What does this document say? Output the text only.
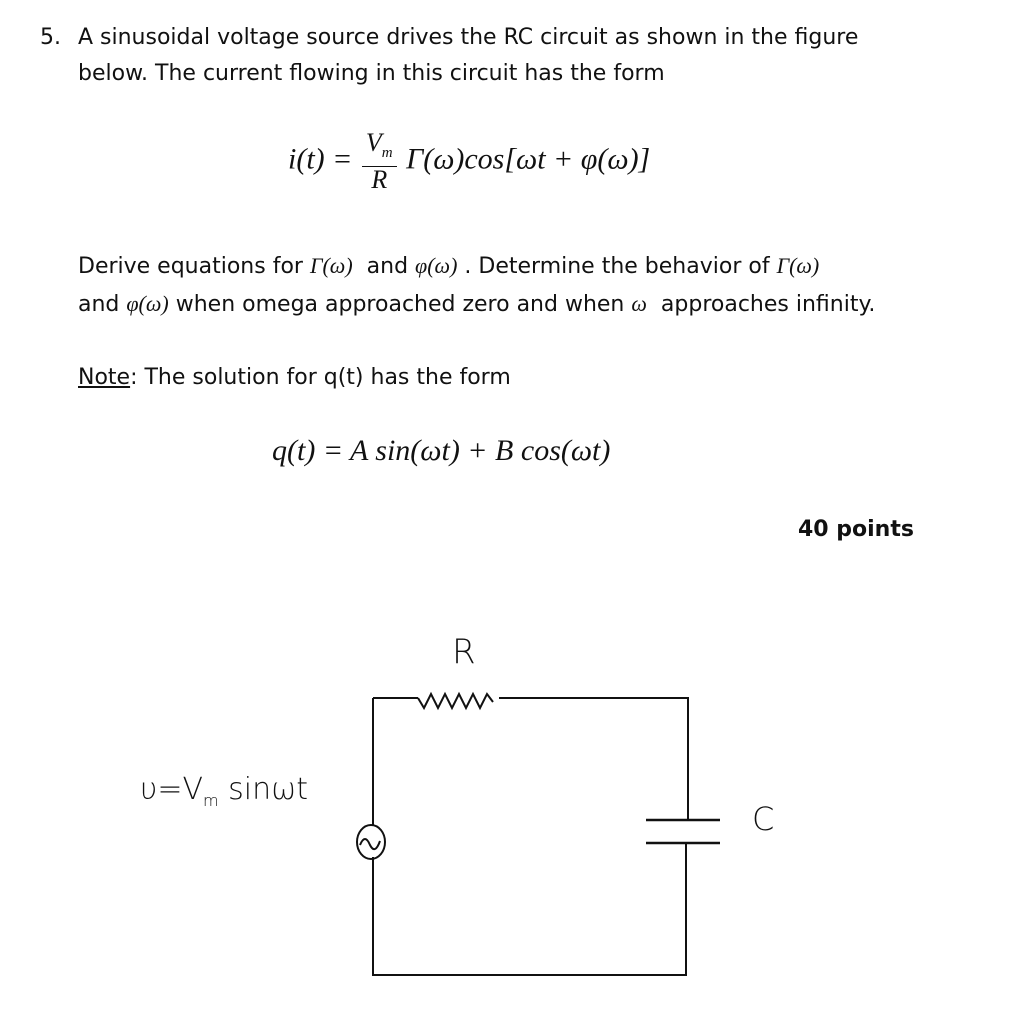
5. A sinusoidal voltage source drives the RC circuit as shown in the figure
below. The current flowing in this circuit has the form
$i(t) = \frac{V_m}{R} \Gamma(\omega)\cos[\omega t + \varphi(\omega)]$
Derive equations for Γ(ω) and φ(ω) . Determine the behavior of Γ(ω)
and φ(ω) when omega approached zero and when ω approaches infinity.
Note: The solution for q(t) has the form
q(t) = A sin(ωt) + B cos(ωt)
40 points
R
C
$\upsilon=V_m$ sinωt
